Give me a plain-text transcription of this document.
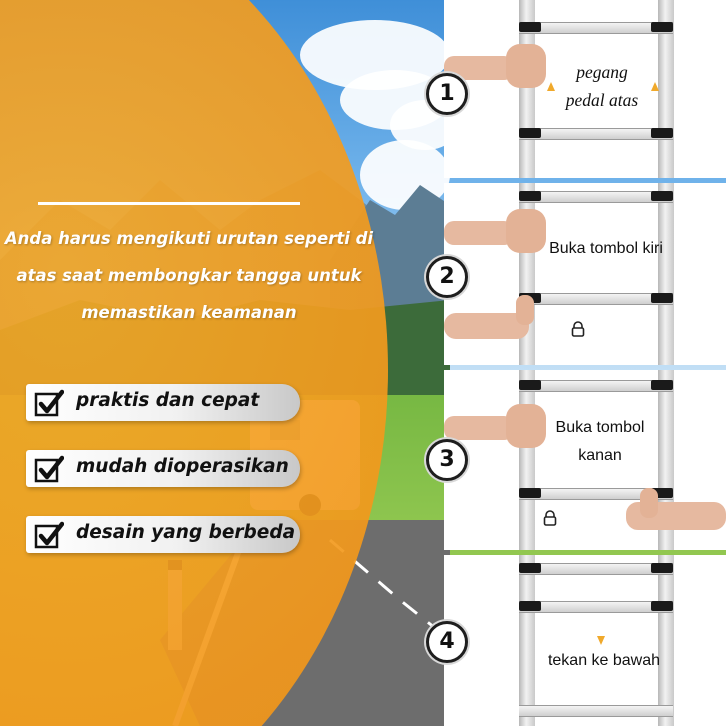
Anda harus mengikuti urutan seperti di
atas saat membongkar tangga untuk
memastikan keamanan
praktis dan cepat
mudah dioperasikan
desain yang berbeda
pegang
pedal atas
1
Buka tombol kiri
2
Buka tombol
kanan
3
tekan ke bawah
4
